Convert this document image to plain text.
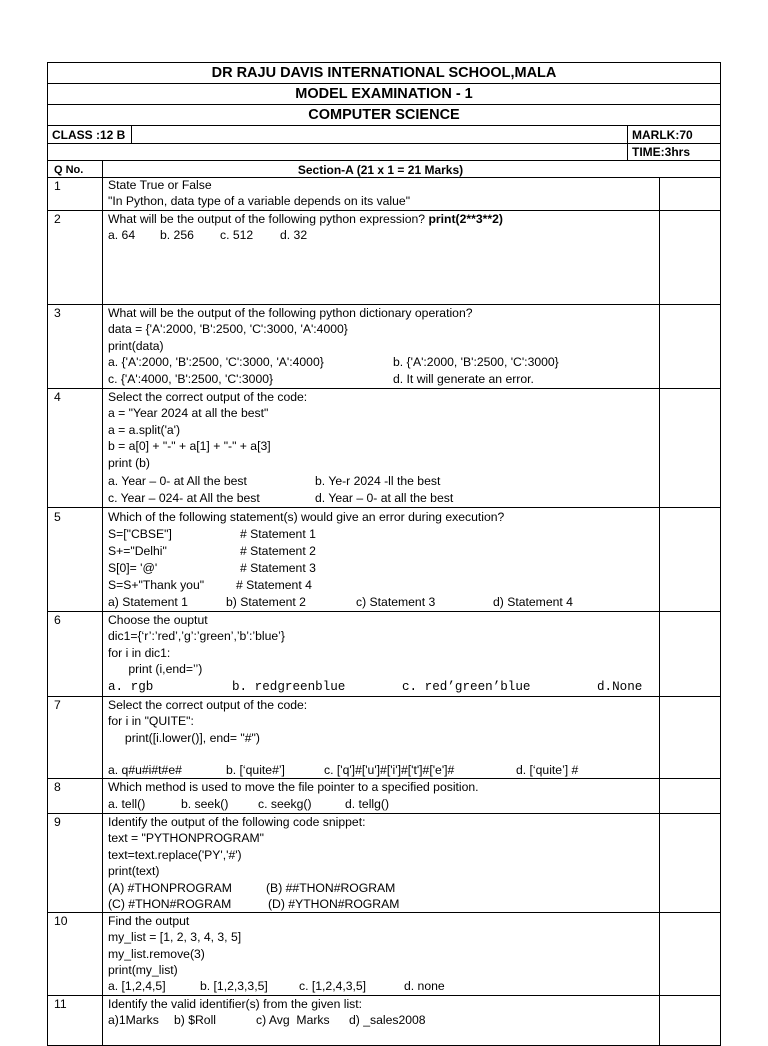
DR RAJU DAVIS INTERNATIONAL SCHOOL,MALA
MODEL EXAMINATION - 1
COMPUTER SCIENCE
CLASS :12 B	MARLK:70
TIME:3hrs
Q No.	Section-A (21 x 1 = 21 Marks)
1	State True or False
"In Python, data type of a variable depends on its value"
2	What will be the output of the following python expression? print(2**3**2)
a. 64 b. 256 c. 512 d. 32
3	What will be the output of the following python dictionary operation?
data = {'A':2000, 'B':2500, 'C':3000, 'A':4000}
print(data)
a. {'A':2000, 'B':2500, 'C':3000, 'A':4000}	b. {'A':2000, 'B':2500, 'C':3000}
c. {'A':4000, 'B':2500, 'C':3000}	d. It will generate an error.
4	Select the correct output of the code:
a = "Year 2024 at all the best"
a = a.split('a')
b = a[0] + "-" + a[1] + "-" + a[3]
print (b)
a. Year – 0- at All the best	b. Ye-r 2024 -ll the best
c. Year – 024- at All the best	d. Year – 0- at all the best
5	Which of the following statement(s) would give an error during execution?
S=["CBSE"]	# Statement 1
S+="Delhi"	# Statement 2
S[0]= '@'	# Statement 3
S=S+"Thank you"	# Statement 4
a) Statement 1	b) Statement 2	c) Statement 3	d) Statement 4
6	Choose the ouptut
dic1={‘r’:’red’,’g’:’green’,’b’:’blue’}
for i in dic1:
print (i,end=’’)
a. rgb	b. redgreenblue	c. red’green’blue	d.None
7	Select the correct output of the code:
for i in "QUITE":
print([i.lower()], end= "#")
a. q#u#i#t#e#	b. [‘quite#’]	c. ['q']#['u']#['i']#['t']#['e']#	d. [‘quite’] #
8	Which method is used to move the file pointer to a specified position.
a. tell()	b. seek() c. seekg()	d. tellg()
9	Identify the output of the following code snippet:
text = "PYTHONPROGRAM"
text=text.replace('PY','#')
print(text)
(A) #THONPROGRAM	(B) ##THON#ROGRAM
(C) #THON#ROGRAM	(D) #YTHON#ROGRAM
10	Find the output
my_list = [1, 2, 3, 4, 3, 5]
my_list.remove(3)
print(my_list)
a. [1,2,4,5]	b. [1,2,3,3,5]	c. [1,2,4,3,5]	d. none
11	Identify the valid identifier(s) from the given list:
a)1Marks b) $Roll	c) Avg  Marks d) _sales2008
